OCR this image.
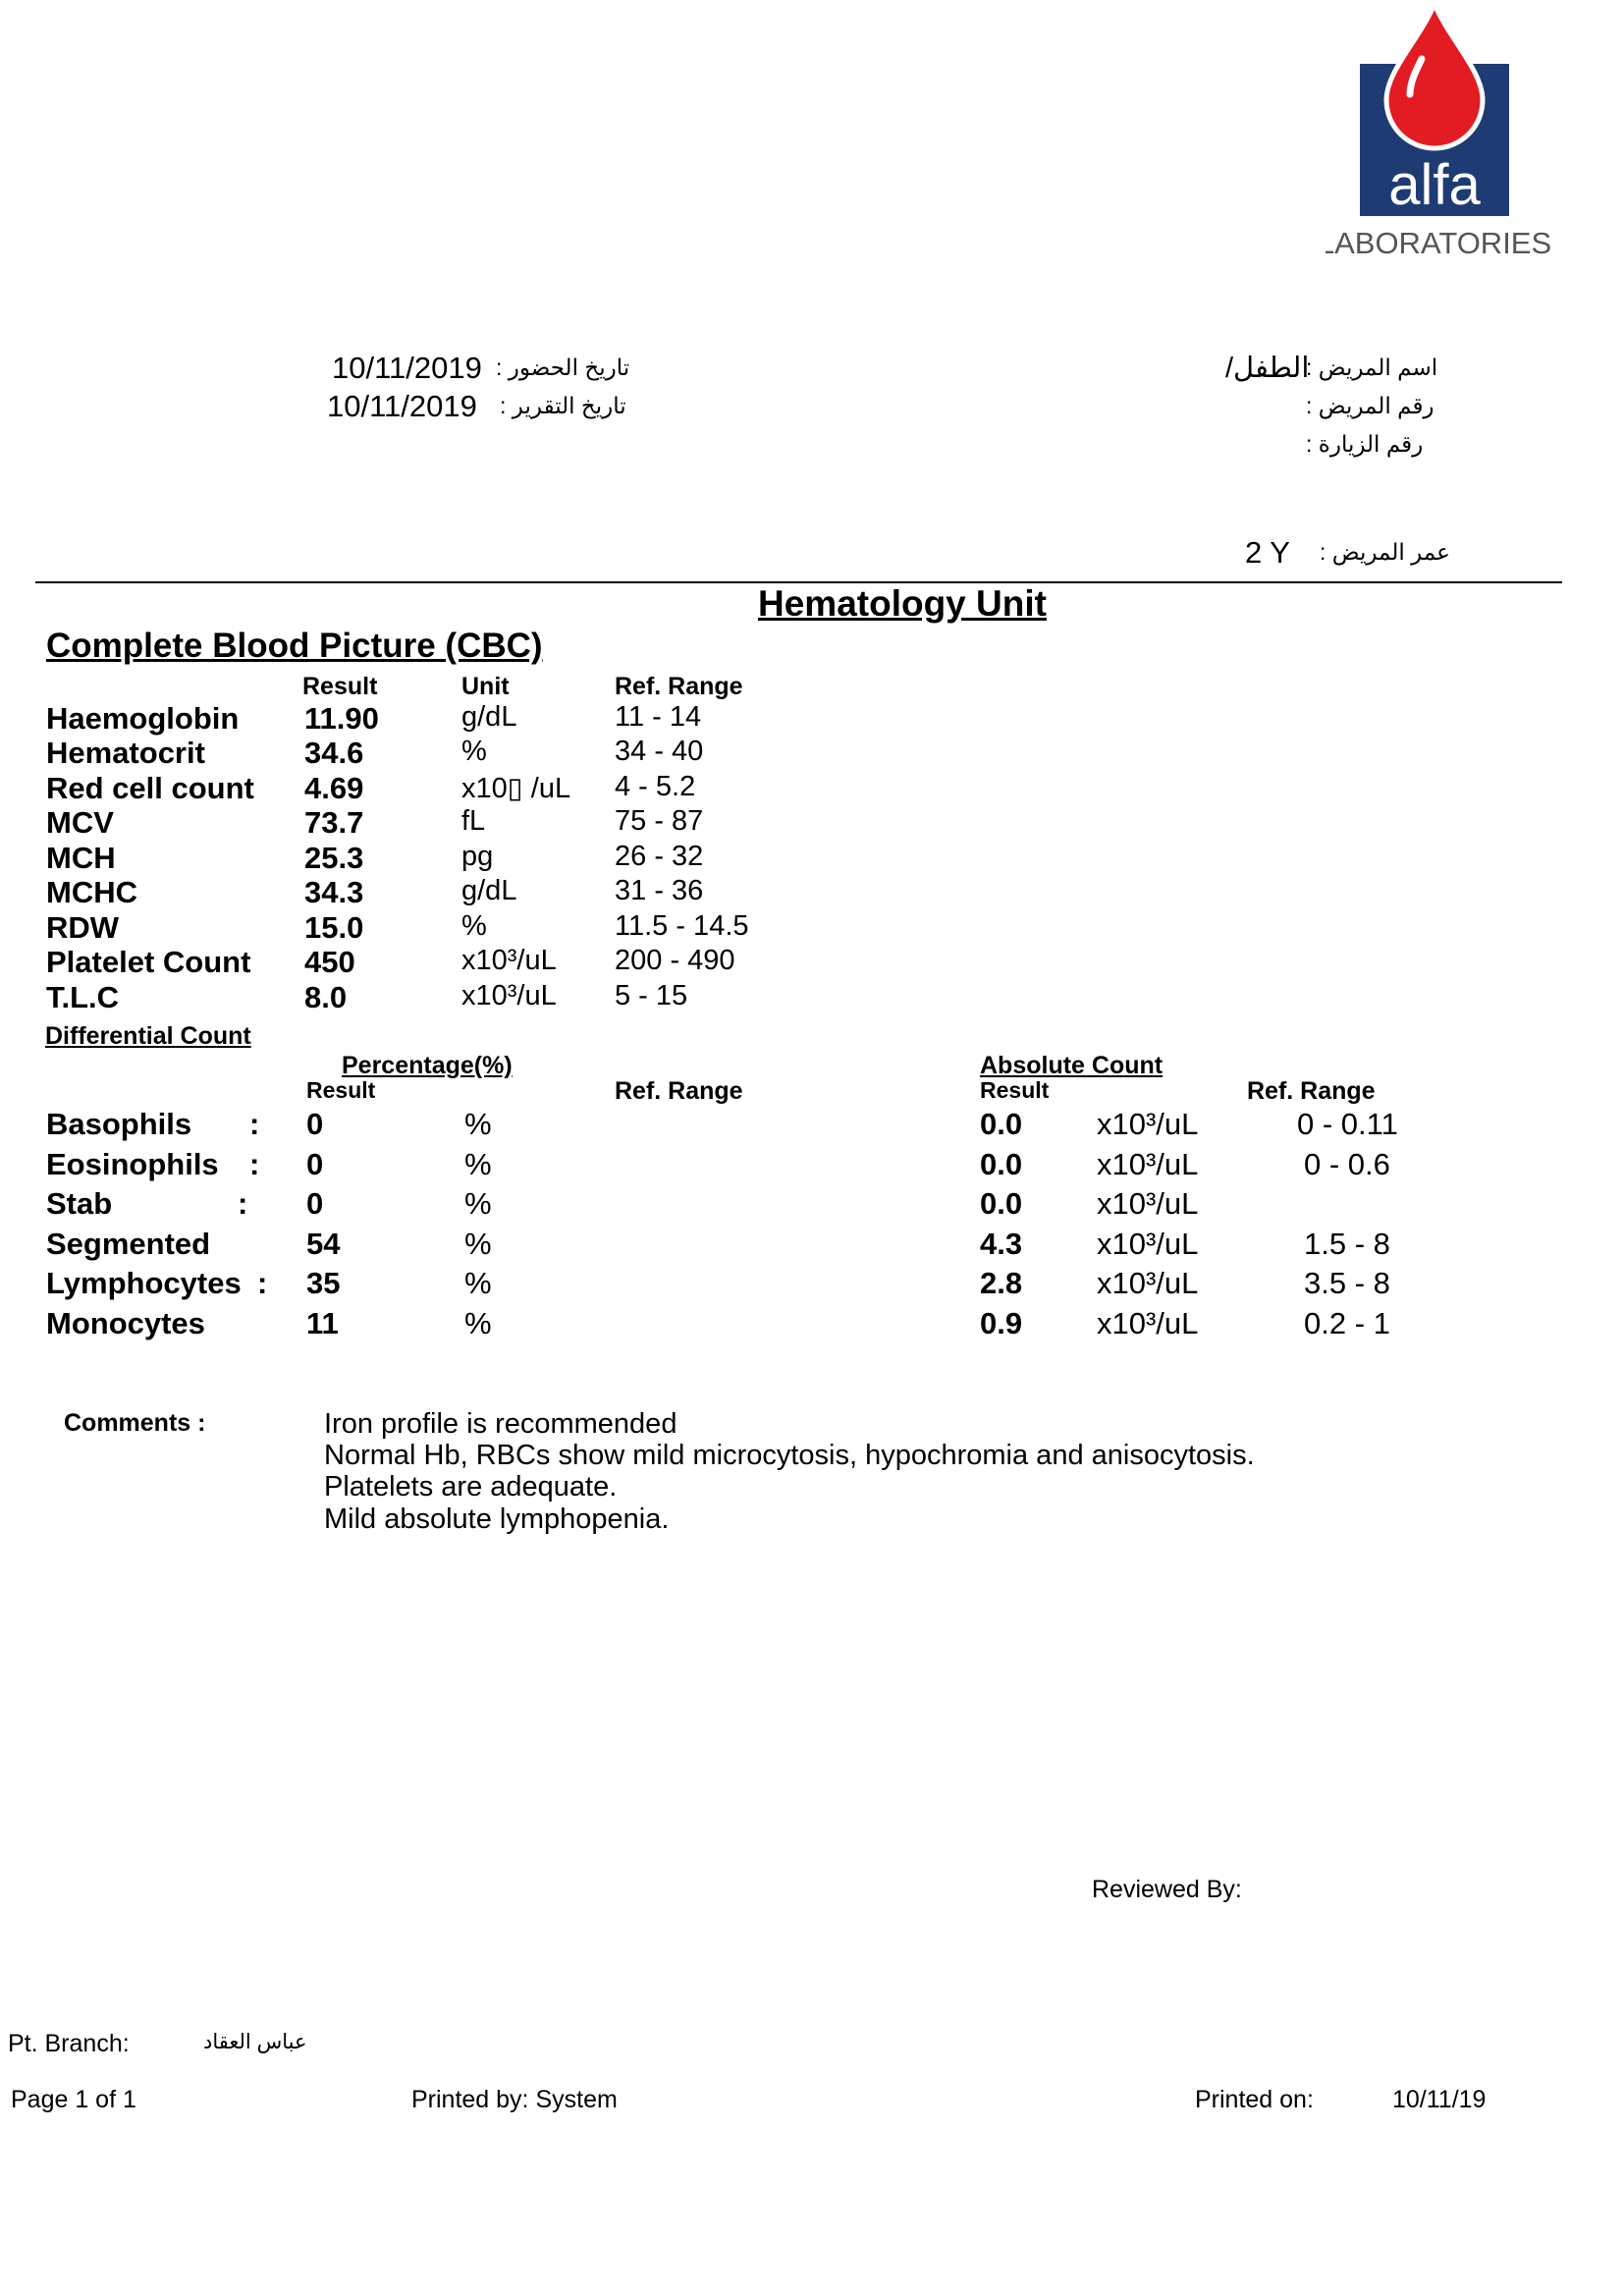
alfa
LABORATORIES
تاريخ الحضور :
10/11/2019
تاريخ التقرير :
10/11/2019
اسم المريض :
الطفل/
رقم المريض :
رقم الزيارة :
عمر المريض :
2 Y
Hematology Unit
Complete Blood Picture (CBC)
Result	Unit	Ref. Range
Haemoglobin 11.90	g/dL	11 - 14
Hematocrit	34.6	%	34 - 40
Red cell count 4.69	x10▯ /uL 4 - 5.2
MCV	73.7	fL	75 - 87
MCH	25.3	pg	26 - 32
MCHC	34.3	g/dL	31 - 36
RDW	15.0	%	11.5 - 14.5
Platelet Count 450	x10³/uL 200 - 490
T.L.C	8.0	x10³/uL 5 - 15
Differential Count
Percentage(%)
Result	Ref. Range
Absolute Count
Result	Ref. Range
Basophils : 0	%	0.0 x10³/uL	0 - 0.11
Eosinophils : 0	%	0.0 x10³/uL	0 - 0.6
Stab	: 0	%	0.0 x10³/uL
Segmented	54	%	4.3 x10³/uL	1.5 - 8
Lymphocytes : 35	%	2.8 x10³/uL	3.5 - 8
Monocytes	11	%	0.9 x10³/uL	0.2 - 1
Comments :	Iron profile is recommended
Normal Hb, RBCs show mild microcytosis, hypochromia and anisocytosis.
Platelets are adequate.
Mild absolute lymphopenia.
Reviewed By:
Pt. Branch:	عباس العقاد
Page 1 of 1	Printed by: System	Printed on:	10/11/19
